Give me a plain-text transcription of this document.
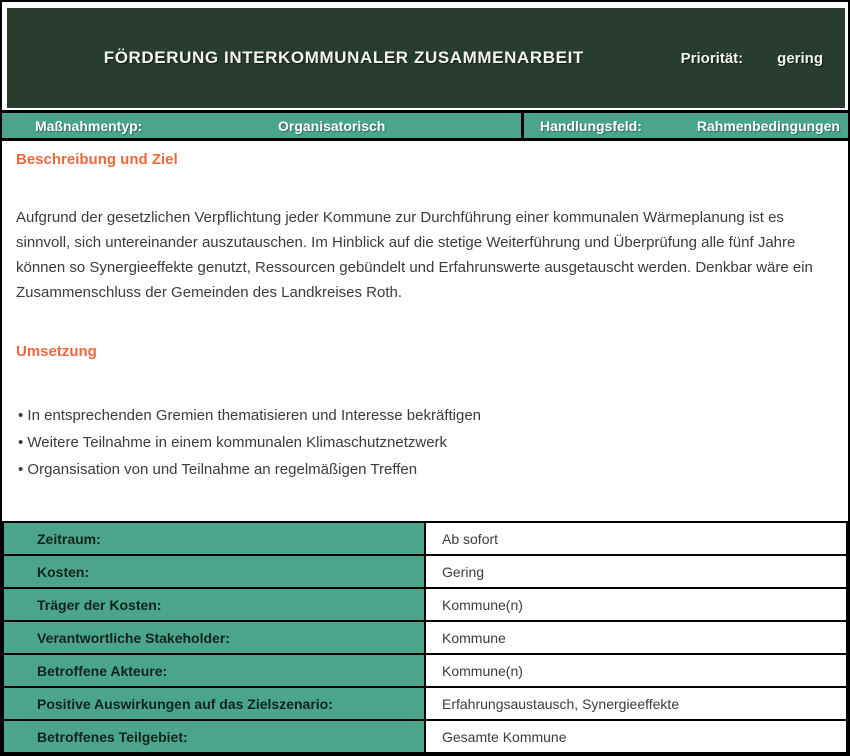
FÖRDERUNG INTERKOMMUNALER ZUSAMMENARBEIT	Priorität: gering
Maßnahmentyp:	Organisatorisch	Handlungsfeld:	Rahmenbedingungen
Beschreibung und Ziel

Aufgrund der gesetzlichen Verpflichtung jeder Kommune zur Durchführung einer kommunalen Wärmeplanung ist es sinnvoll, sich untereinander auszutauschen. Im Hinblick auf die stetige Weiterführung und Überprüfung alle fünf Jahre können so Synergieeffekte genutzt, Ressourcen gebündelt und Erfahrunswerte ausgetauscht werden. Denkbar wäre ein Zusammenschluss der Gemeinden des Landkreises Roth.

Umsetzung
• In entsprechenden Gremien thematisieren und Interesse bekräftigen
• Weitere Teilnahme in einem kommunalen Klimaschutznetzwerk
• Organsisation von und Teilnahme an regelmäßigen Treffen
Zeitraum:	Ab sofort
Kosten:	Gering
Träger der Kosten:	Kommune(n)
Verantwortliche Stakeholder:	Kommune
Betroffene Akteure:	Kommune(n)
Positive Auswirkungen auf das Zielszenario:	Erfahrungsaustausch, Synergieeffekte
Betroffenes Teilgebiet:	Gesamte Kommune
